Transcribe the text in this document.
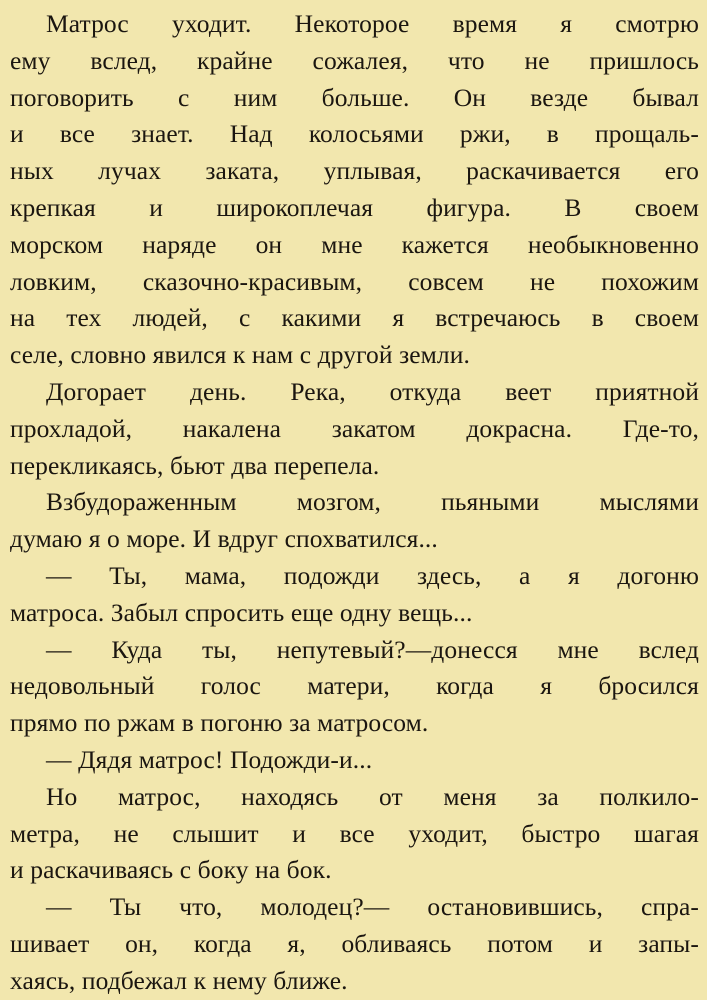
Матрос уходит. Некоторое время я смотрю
ему вслед, крайне сожалея, что не пришлось
поговорить с ним больше. Он везде бывал
и все знает. Над колосьями ржи, в прощаль-
ных лучах заката, уплывая, раскачивается его
крепкая и широкоплечая фигура. В своем
морском наряде он мне кажется необыкновенно
ловким, сказочно-красивым, совсем не похожим
на тех людей, с какими я встречаюсь в своем
селе, словно явился к нам с другой земли.
Догорает день. Река, откуда веет приятной
прохладой, накалена закатом докрасна. Где-то,
перекликаясь, бьют два перепела.
Взбудораженным мозгом, пьяными мыслями
думаю я о море. И вдруг спохватился...
— Ты, мама, подожди здесь, а я догоню
матроса. Забыл спросить еще одну вещь...
— Куда ты, непутевый?—донесся мне вслед
недовольный голос матери, когда я бросился
прямо по ржам в погоню за матросом.
— Дядя матрос! Подожди-и...
Но матрос, находясь от меня за полкило-
метра, не слышит и все уходит, быстро шагая
и раскачиваясь с боку на бок.
— Ты что, молодец?— остановившись, спра-
шивает он, когда я, обливаясь потом и запы-
хаясь, подбежал к нему ближе.
